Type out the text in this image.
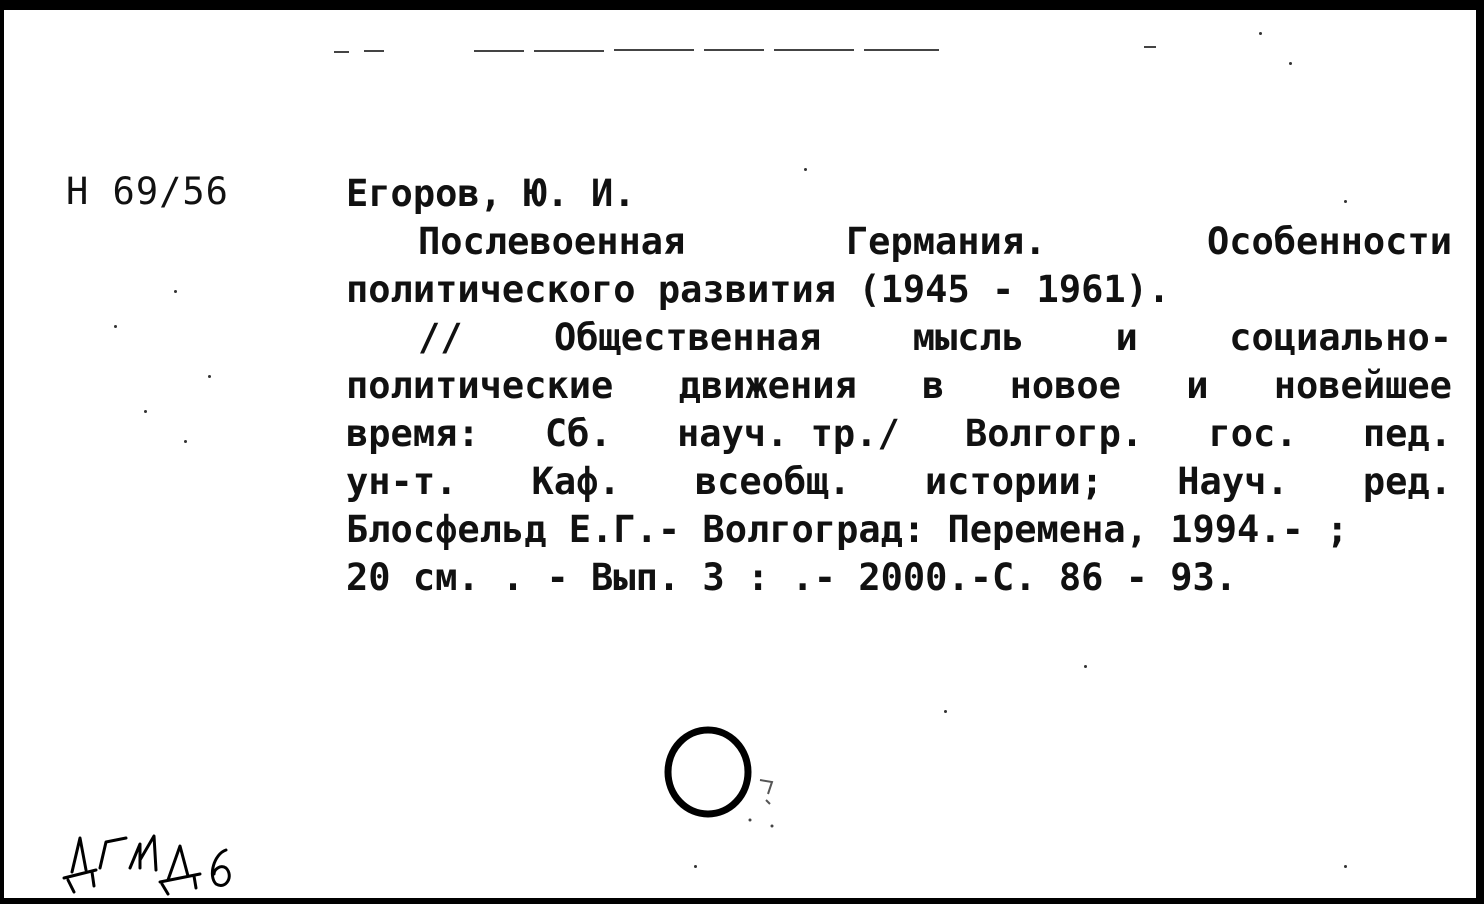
Н 69/56	Егоров, Ю. И.
Послевоенная	Германия.	Особенности
политического развития (1945 - 1961).
// Общественная мысль и социально-
политические движения в новое и новейшее
время: Сб. науч. тр./ Волгогр. гос. пед.
ун-т. Каф. всеобщ. истории; Науч. ред.
Блосфельд Е.Г.- Волгоград: Перемена, 1994.- ;
20 см. . - Вып. 3 : .- 2000.-С. 86 - 93.
